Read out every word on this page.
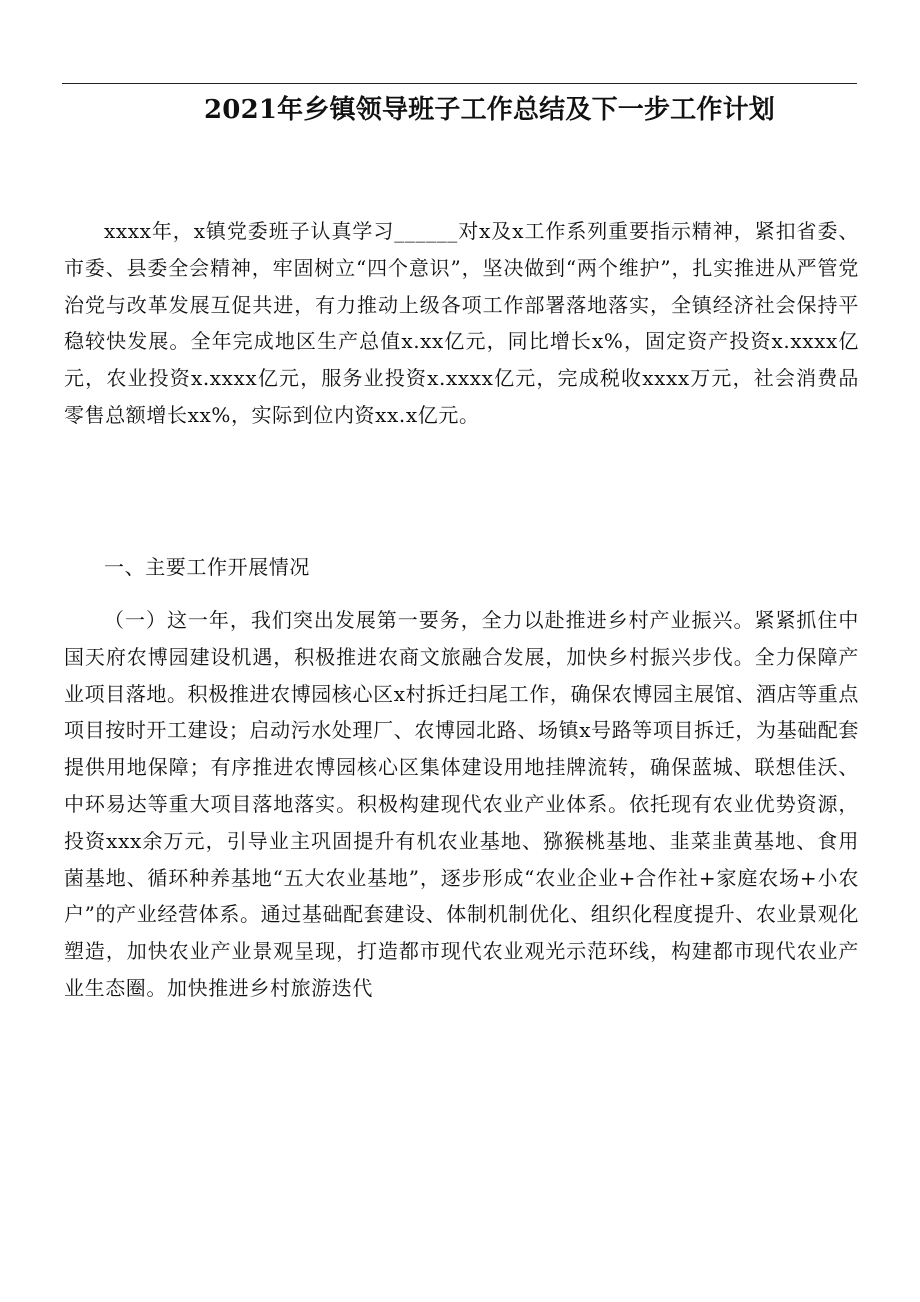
2021年乡镇领导班子工作总结及下一步工作计划

xxxx年，x镇党委班子认真学习______对x及x工作系列重要指示精神，紧扣省委、市委、县委全会精神，牢固树立“四个意识”，坚决做到“两个维护”，扎实推进从严管党治党与改革发展互促共进，有力推动上级各项工作部署落地落实，全镇经济社会保持平稳较快发展。全年完成地区生产总值x.xx亿元，同比增长x%，固定资产投资x.xxxx亿元，农业投资x.xxxx亿元，服务业投资x.xxxx亿元，完成税收xxxx万元，社会消费品零售总额增长xx%，实际到位内资xx.x亿元。

一、主要工作开展情况

（一）这一年，我们突出发展第一要务，全力以赴推进乡村产业振兴。紧紧抓住中国天府农博园建设机遇，积极推进农商文旅融合发展，加快乡村振兴步伐。全力保障产业项目落地。积极推进农博园核心区x村拆迁扫尾工作，确保农博园主展馆、酒店等重点项目按时开工建设；启动污水处理厂、农博园北路、场镇x号路等项目拆迁，为基础配套提供用地保障；有序推进农博园核心区集体建设用地挂牌流转，确保蓝城、联想佳沃、中环易达等重大项目落地落实。积极构建现代农业产业体系。依托现有农业优势资源，投资xxx余万元，引导业主巩固提升有机农业基地、猕猴桃基地、韭菜韭黄基地、食用菌基地、循环种养基地“五大农业基地”，逐步形成“农业企业+合作社+家庭农场+小农户”的产业经营体系。通过基础配套建设、体制机制优化、组织化程度提升、农业景观化塑造，加快农业产业景观呈现，打造都市现代农业观光示范环线，构建都市现代农业产业生态圈。加快推进乡村旅游迭代
